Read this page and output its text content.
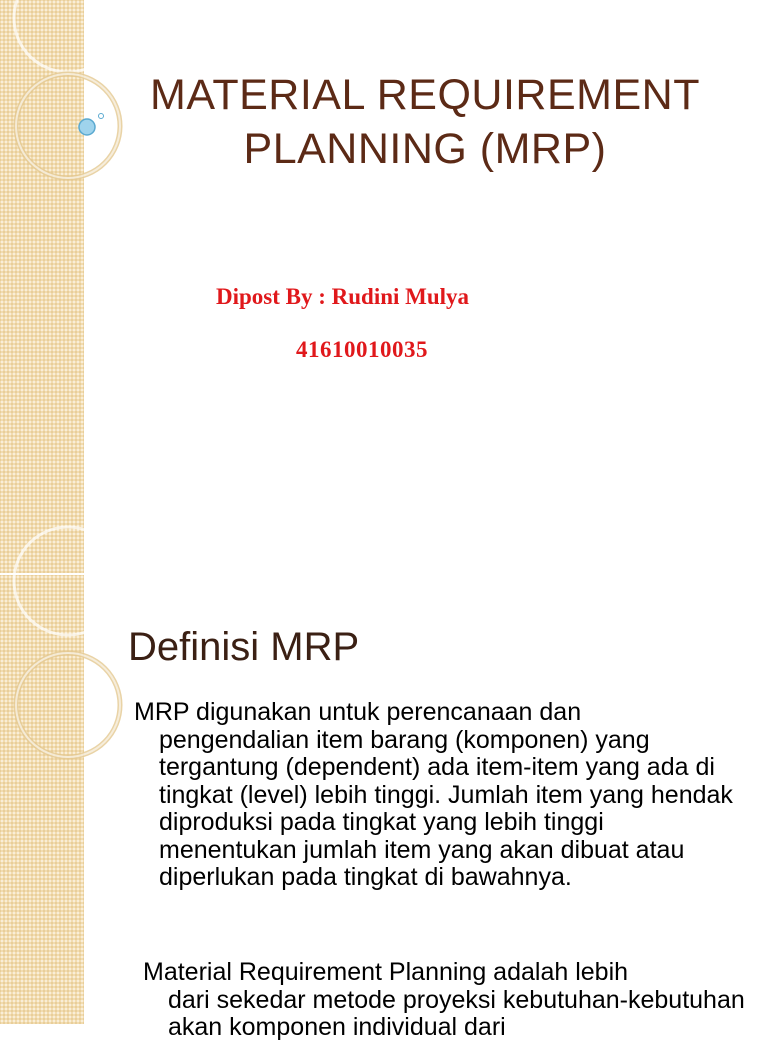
MATERIAL REQUIREMENT
PLANNING (MRP)
Dipost By : Rudini Mulya
41610010035
Definisi MRP

MRP digunakan untuk perencanaan dan
pengendalian item barang (komponen) yang tergantung (dependent) ada item-item yang ada di tingkat (level) lebih tinggi. Jumlah item yang hendak diproduksi pada tingkat yang lebih tinggi menentukan jumlah item yang akan dibuat atau diperlukan pada tingkat di bawahnya.

Material Requirement Planning adalah lebih
dari sekedar metode proyeksi kebutuhan-kebutuhan akan komponen individual dari
